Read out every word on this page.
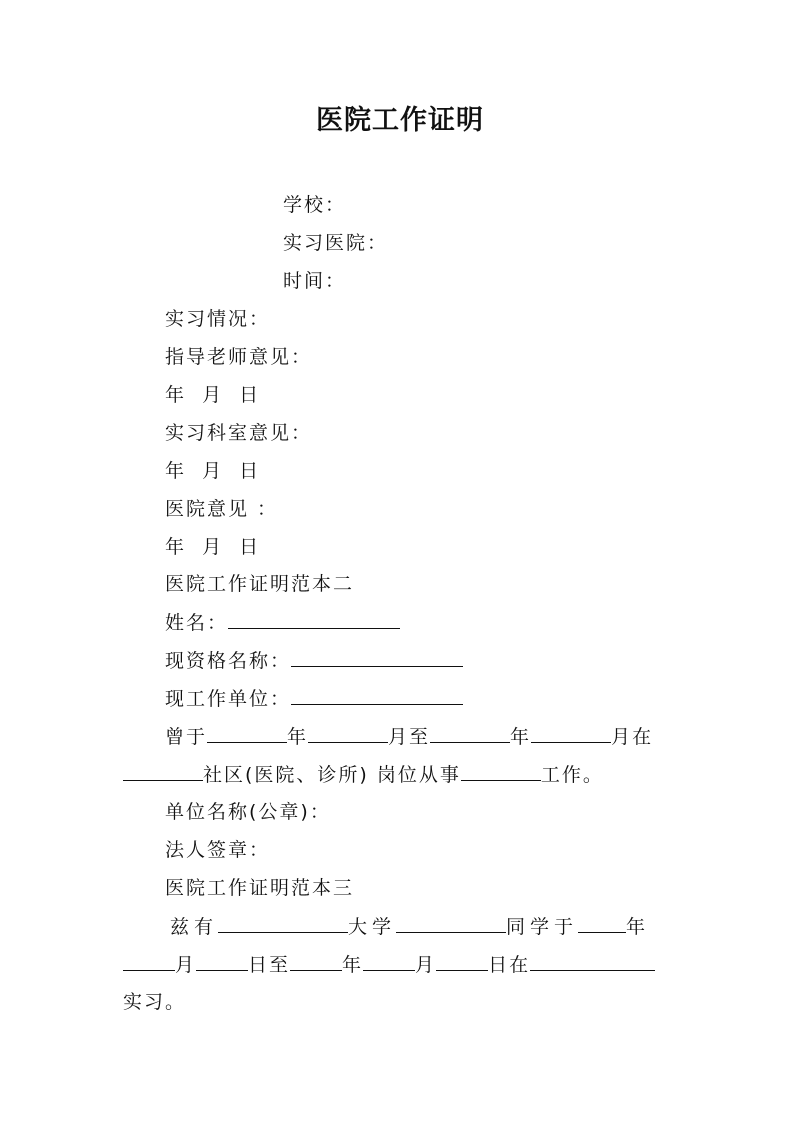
医院工作证明
学校：
实习医院：
时间：
实习情况：
指导老师意见：
年  月  日
实习科室意见：
年  月  日
医院意见 ：
年  月  日
医院工作证明范本二
姓名：
现资格名称：
现工作单位：
曾于	年	月至	年	月在
社区(医院、诊所) 岗位从事	工作。
单位名称(公章)：
法人签章：
医院工作证明范本三
兹有	大学	同学于	年
月	日至	年	月	日在
实习。
